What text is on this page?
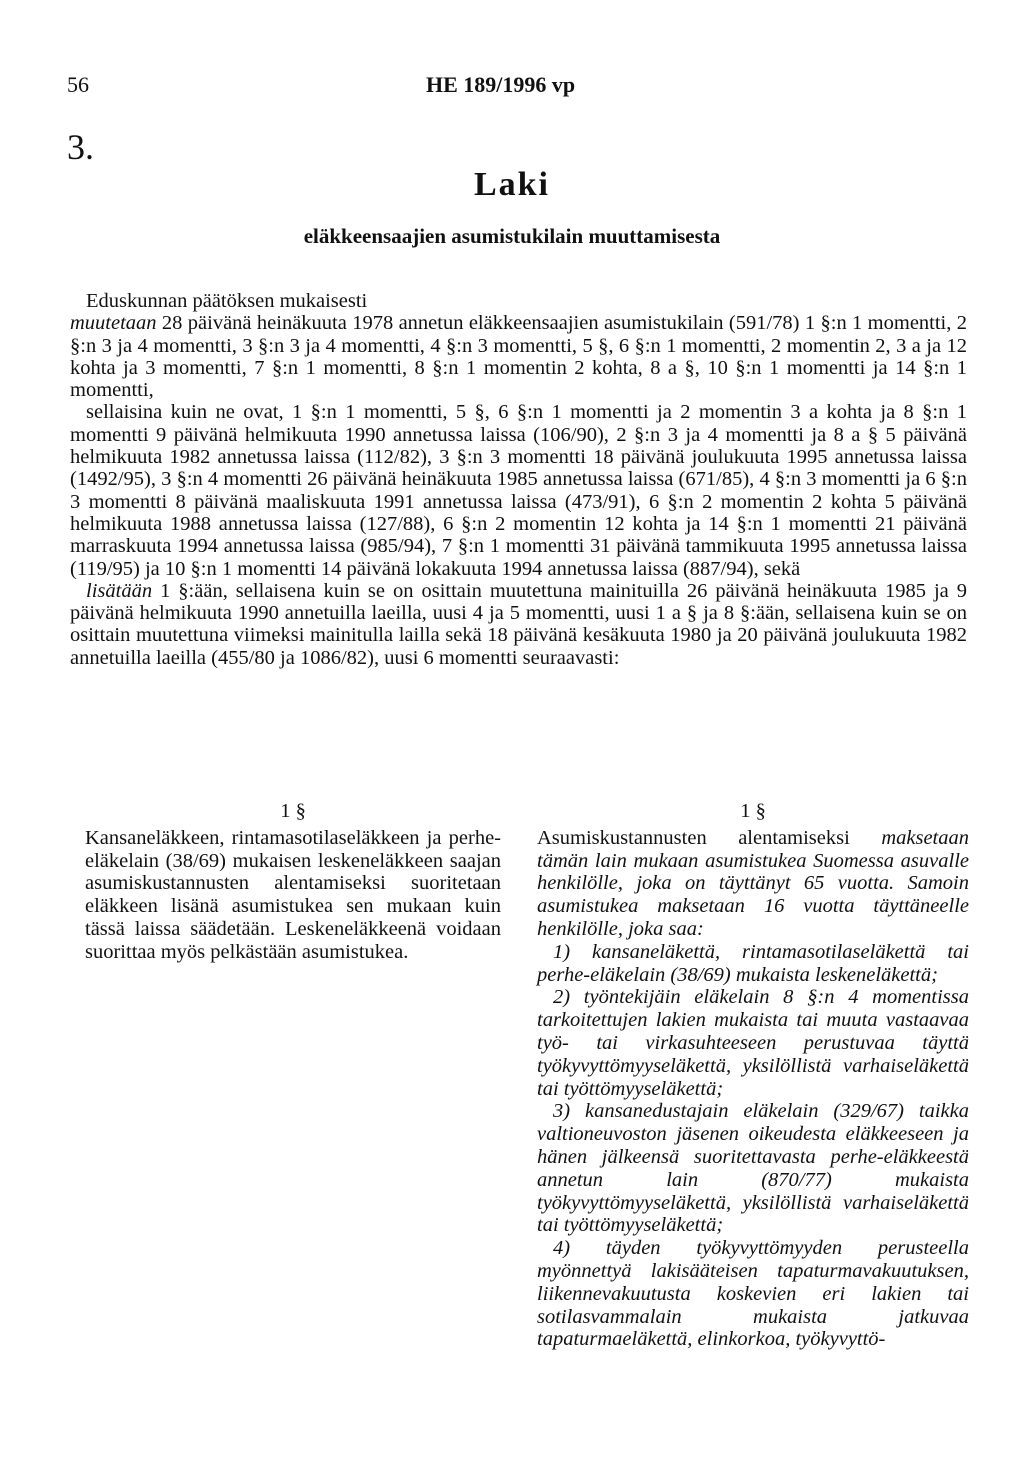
56	HE 189/1996 vp
3.
Laki
eläkkeensaajien asumistukilain muuttamisesta

Eduskunnan päätöksen mukaisesti

muutetaan 28 päivänä heinäkuuta 1978 annetun eläkkeensaajien asumistukilain (591/78) 1 §:n 1 momentti, 2 §:n 3 ja 4 momentti, 3 §:n 3 ja 4 momentti, 4 §:n 3 momentti, 5 §, 6 §:n 1 momentti, 2 momentin 2, 3 a ja 12 kohta ja 3 momentti, 7 §:n 1 momentti, 8 §:n 1 momentin 2 kohta, 8 a §, 10 §:n 1 momentti ja 14 §:n 1 momentti,

sellaisina kuin ne ovat, 1 §:n 1 momentti, 5 §, 6 §:n 1 momentti ja 2 momentin 3 a kohta ja 8 §:n 1 momentti 9 päivänä helmikuuta 1990 annetussa laissa (106/90), 2 §:n 3 ja 4 momentti ja 8 a § 5 päivänä helmikuuta 1982 annetussa laissa (112/82), 3 §:n 3 momentti 18 päivänä joulukuuta 1995 annetussa laissa (1492/95), 3 §:n 4 momentti 26 päivänä heinäkuuta 1985 annetussa laissa (671/85), 4 §:n 3 momentti ja 6 §:n 3 momentti 8 päivänä maaliskuuta 1991 annetussa laissa (473/91), 6 §:n 2 momentin 2 kohta 5 päivänä helmikuuta 1988 annetussa laissa (127/88), 6 §:n 2 momentin 12 kohta ja 14 §:n 1 momentti 21 päivänä marraskuuta 1994 annetussa laissa (985/94), 7 §:n 1 momentti 31 päivänä tammikuuta 1995 annetussa laissa (119/95) ja 10 §:n 1 momentti 14 päivänä lokakuuta 1994 annetussa laissa (887/94), sekä

lisätään 1 §:ään, sellaisena kuin se on osittain muutettuna mainituilla 26 päivänä heinäkuuta 1985 ja 9 päivänä helmikuuta 1990 annetuilla laeilla, uusi 4 ja 5 momentti, uusi 1 a § ja 8 §:ään, sellaisena kuin se on osittain muutettuna viimeksi mainitulla lailla sekä 18 päivänä kesäkuuta 1980 ja 20 päivänä joulukuuta 1982 annetuilla laeilla (455/80 ja 1086/82), uusi 6 momentti seuraavasti:

1 §

Kansaneläkkeen, rintamasotilaseläkkeen ja perhe-eläkelain (38/69) mukaisen leskeneläkkeen saajan asumiskustannusten alentamiseksi suoritetaan eläkkeen lisänä asumistukea sen mukaan kuin tässä laissa säädetään. Leskeneläkkeenä voidaan suorittaa myös pelkästään asumistukea.

1 §

Asumiskustannusten alentamiseksi maksetaan tämän lain mukaan asumistukea Suomessa asuvalle henkilölle, joka on täyttänyt 65 vuotta. Samoin asumistukea maksetaan 16 vuotta täyttäneelle henkilölle, joka saa:

1) kansaneläkettä, rintamasotilaseläkettä tai perhe-eläkelain (38/69) mukaista leskeneläkettä;

2) työntekijäin eläkelain 8 §:n 4 momentissa tarkoitettujen lakien mukaista tai muuta vastaavaa työ- tai virkasuhteeseen perustuvaa täyttä työkyvyttömyyseläkettä, yksilöllistä varhaiseläkettä tai työttömyyseläkettä;

3) kansanedustajain eläkelain (329/67) taikka valtioneuvoston jäsenen oikeudesta eläkkeeseen ja hänen jälkeensä suoritettavasta perhe-eläkkeestä annetun lain (870/77) mukaista työkyvyttömyyseläkettä, yksilöllistä varhaiseläkettä tai työttömyyseläkettä;

4) täyden työkyvyttömyyden perusteella myönnettyä lakisääteisen tapaturmavakuutuksen, liikennevakuutusta koskevien eri lakien tai sotilasvammalain mukaista jatkuvaa tapaturmaeläkettä, elinkorkoa, työkyvyttö-
